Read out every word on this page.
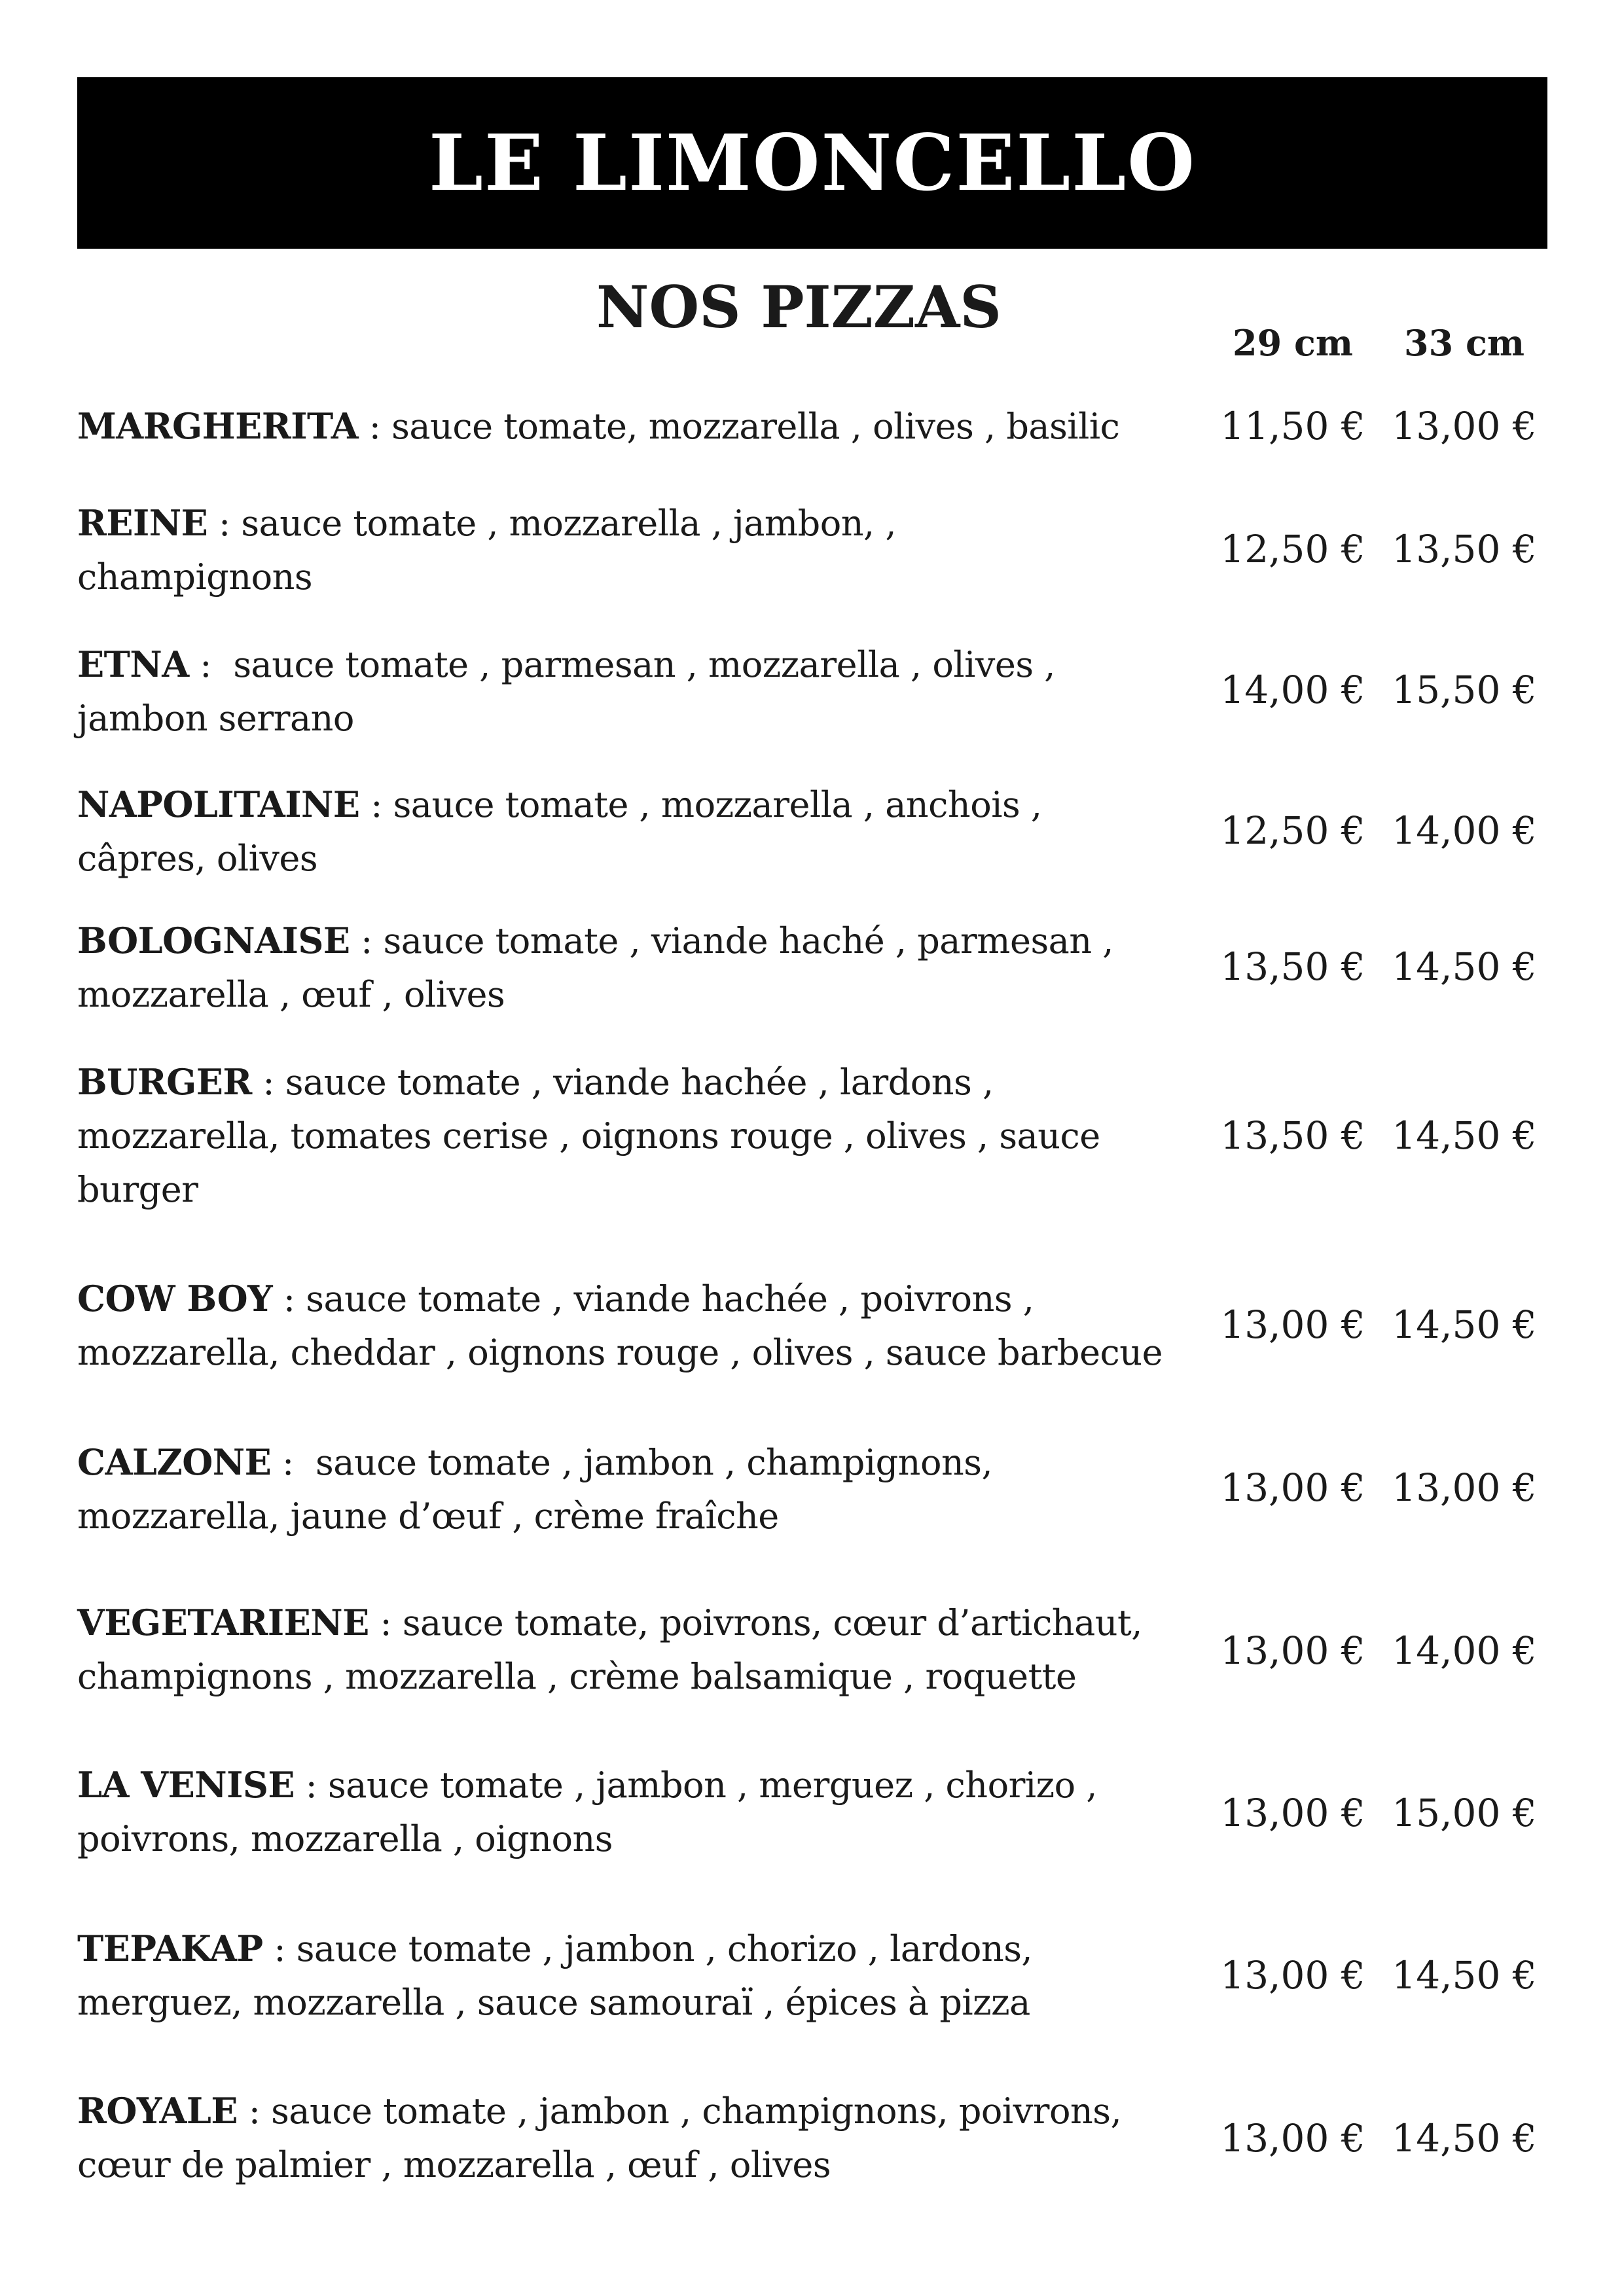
LE LIMONCELLO
NOS PIZZAS
29 cm	33 cm
MARGHERITA : sauce tomate, mozzarella , olives , basilic	11,50 € 13,00 €
REINE : sauce tomate , mozzarella , jambon, , champignons
12,50 € 13,50 €
ETNA :  sauce tomate , parmesan , mozzarella , olives , jambon serrano
14,00 € 15,50 €
NAPOLITAINE : sauce tomate , mozzarella , anchois , câpres, olives
12,50 € 14,00 €
BOLOGNAISE : sauce tomate , viande haché , parmesan , mozzarella , œuf , olives
13,50 € 14,50 €
BURGER : sauce tomate , viande hachée , lardons , mozzarella, tomates cerise , oignons rouge , olives , sauce burger
13,50 € 14,50 €
COW BOY : sauce tomate , viande hachée , poivrons , mozzarella, cheddar , oignons rouge , olives , sauce barbecue
13,00 € 14,50 €
CALZONE :  sauce tomate , jambon , champignons, mozzarella, jaune d’œuf , crème fraîche
13,00 € 13,00 €
VEGETARIENE : sauce tomate, poivrons, cœur d’artichaut, champignons , mozzarella , crème balsamique , roquette
13,00 € 14,00 €
LA VENISE : sauce tomate , jambon , merguez , chorizo , poivrons, mozzarella , oignons
13,00 € 15,00 €
TEPAKAP : sauce tomate , jambon , chorizo , lardons, merguez, mozzarella , sauce samouraï , épices à pizza
13,00 € 14,50 €
ROYALE : sauce tomate , jambon , champignons, poivrons, cœur de palmier , mozzarella , œuf , olives
13,00 € 14,50 €
